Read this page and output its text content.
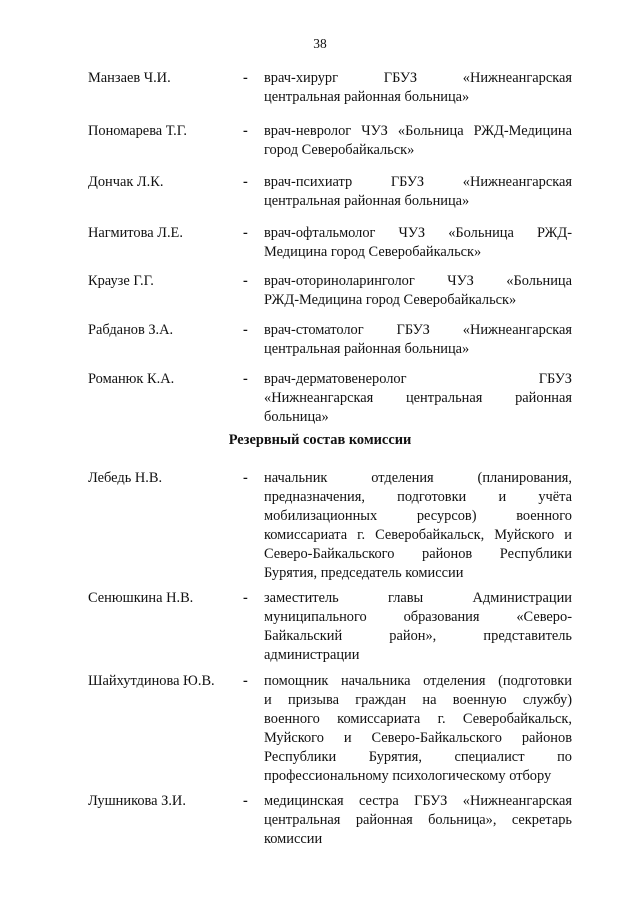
38
Манзаев Ч.И.	- врач-хирург ГБУЗ «Нижнеангарская
центральная районная больница»
Пономарева Т.Г.	- врач-невролог ЧУЗ «Больница РЖД-Медицина
город Северобайкальск»
Дончак Л.К.	- врач-психиатр ГБУЗ «Нижнеангарская
центральная районная больница»
Нагмитова Л.Е.	- врач-офтальмолог ЧУЗ «Больница РЖД-
Медицина город Северобайкальск»
Краузе Г.Г.	- врач-оториноларинголог ЧУЗ «Больница
РЖД-Медицина город Северобайкальск»
Рабданов З.А.	- врач-стоматолог ГБУЗ «Нижнеангарская
центральная районная больница»
Романюк К.А.	- врач-дерматовенеролог ГБУЗ
«Нижнеангарская центральная районная
больница»
Резервный состав комиссии
Лебедь Н.В.	- начальник отделения (планирования,
предназначения, подготовки и учёта
мобилизационных ресурсов) военного
комиссариата г. Северобайкальск, Муйского и
Северо-Байкальского районов Республики
Бурятия, председатель комиссии
Сенюшкина Н.В.	- заместитель главы Администрации
муниципального образования «Северо-
Байкальский район», представитель
администрации
Шайхутдинова Ю.В. - помощник начальника отделения (подготовки
и призыва граждан на военную службу)
военного комиссариата г. Северобайкальск,
Муйского и Северо-Байкальского районов
Республики Бурятия, специалист по
профессиональному психологическому отбору
Лушникова З.И.	- медицинская сестра ГБУЗ «Нижнеангарская
центральная районная больница», секретарь
комиссии
